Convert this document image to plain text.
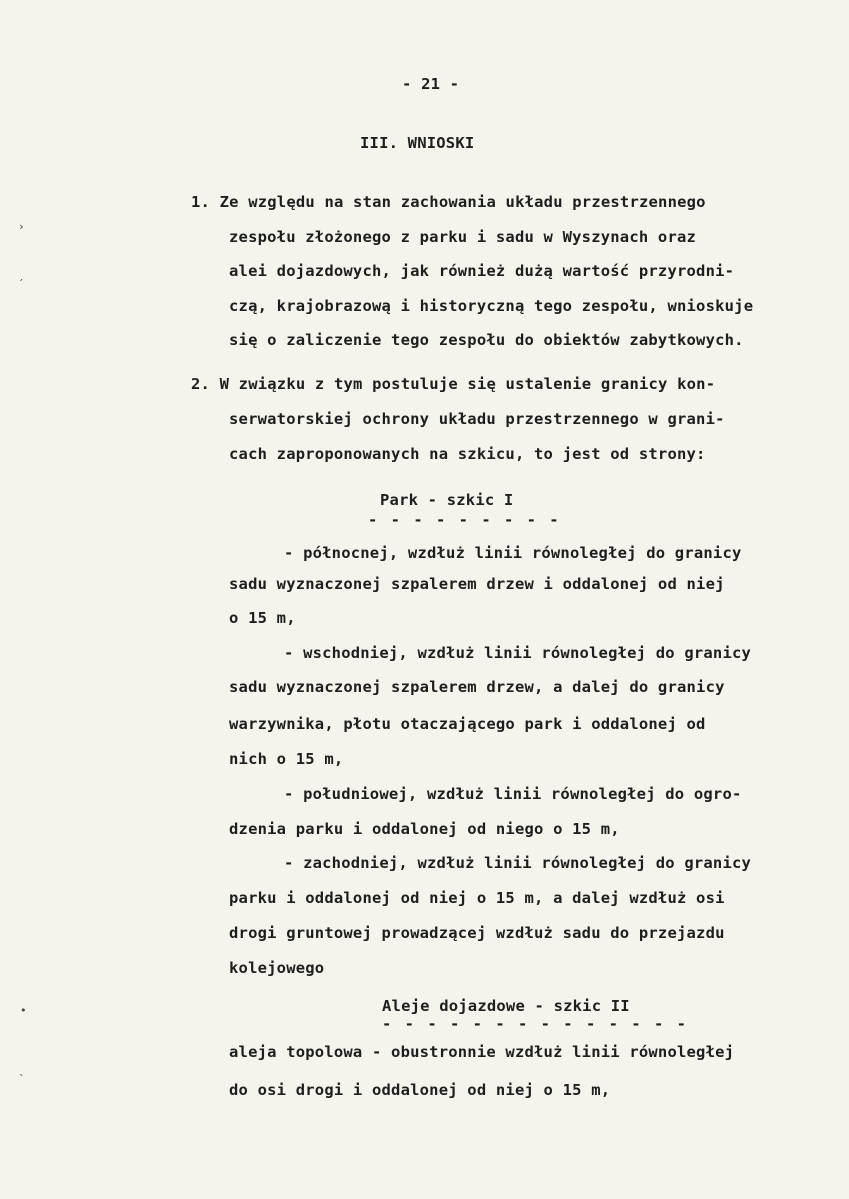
- 21 -
III. WNIOSKI
1. Ze względu na stan zachowania układu przestrzennego
zespołu złożonego z parku i sadu w Wyszynach oraz
alei dojazdowych, jak również dużą wartość przyrodni-
czą, krajobrazową i historyczną tego zespołu, wnioskuje
się o zaliczenie tego zespołu do obiektów zabytkowych.
2. W związku z tym postuluje się ustalenie granicy kon-
serwatorskiej ochrony układu przestrzennego w grani-
cach zaproponowanych na szkicu, to jest od strony:
Park - szkic I
- - - - - - - - -
- północnej, wzdłuż linii równoległej do granicy
sadu wyznaczonej szpalerem drzew i oddalonej od niej
o 15 m,
- wschodniej, wzdłuż linii równoległej do granicy
sadu wyznaczonej szpalerem drzew, a dalej do granicy
warzywnika, płotu otaczającego park i oddalonej od
nich o 15 m,
- południowej, wzdłuż linii równoległej do ogro-
dzenia parku i oddalonej od niego o 15 m,
- zachodniej, wzdłuż linii równoległej do granicy
parku i oddalonej od niej o 15 m, a dalej wzdłuż osi
drogi gruntowej prowadzącej wzdłuż sadu do przejazdu
kolejowego
Aleje dojazdowe - szkic II
- - - - - - - - - - - - - -
aleja topolowa - obustronnie wzdłuż linii równoległej
do osi drogi i oddalonej od niej o 15 m,
›
ˏ
•
ˎ
